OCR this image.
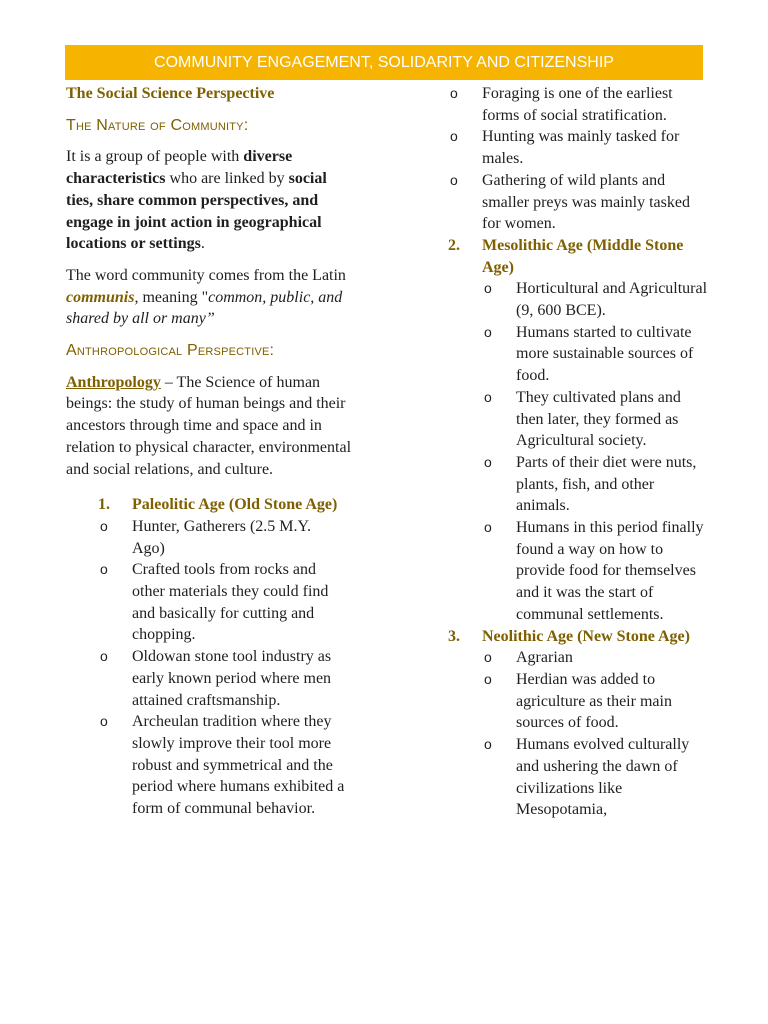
COMMUNITY ENGAGEMENT, SOLIDARITY AND CITIZENSHIP

The Social Science Perspective

The Nature of Community:

It is a group of people with diverse characteristics who are linked by social ties, share common perspectives, and engage in joint action in geographical locations or settings.

The word community comes from the Latin communis, meaning "common, public, and shared by all or many”

Anthropological Perspective:

Anthropology – The Science of human beings: the study of human beings and their ancestors through time and space and in relation to physical character, environmental and social relations, and culture.

1. Paleolitic Age (Old Stone Age)
o Hunter, Gatherers (2.5 M.Y. Ago)
o Crafted tools from rocks and other materials they could find and basically for cutting and chopping.
o Oldowan stone tool industry as early known period where men attained craftsmanship.
o Archeulan tradition where they slowly improve their tool more robust and symmetrical and the period where humans exhibited a form of communal behavior.
o Foraging is one of the earliest forms of social stratification.
o Hunting was mainly tasked for males.
o Gathering of wild plants and smaller preys was mainly tasked for women.
2. Mesolithic Age (Middle Stone Age)
o Horticultural and Agricultural (9, 600 BCE).
o Humans started to cultivate more sustainable sources of food.
o They cultivated plans and then later, they formed as Agricultural society.
o Parts of their diet were nuts, plants, fish, and other animals.
o Humans in this period finally found a way on how to provide food for themselves and it was the start of communal settlements.
3. Neolithic Age (New Stone Age)
o Agrarian
o Herdian was added to agriculture as their main sources of food.
o Humans evolved culturally and ushering the dawn of civilizations like Mesopotamia,
